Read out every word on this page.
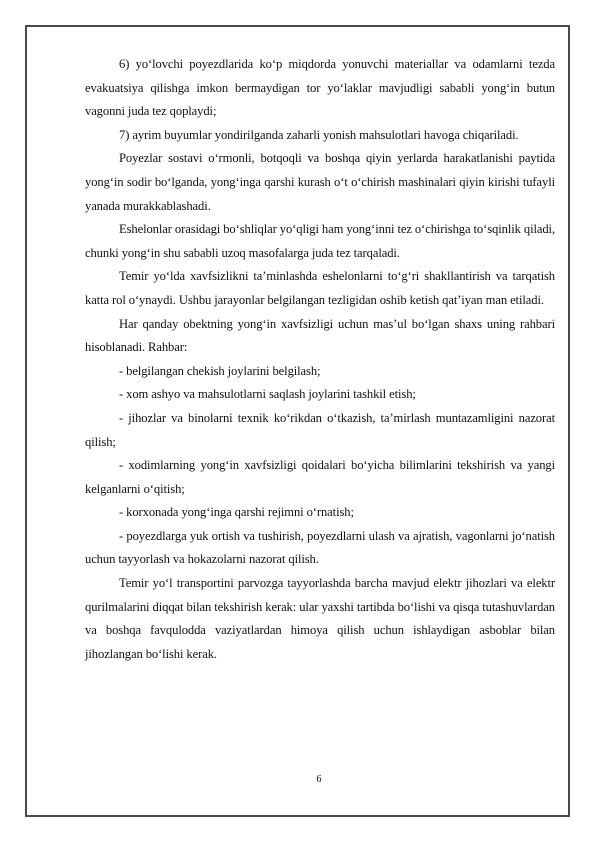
6) yo‘lovchi poyezdlarida ko‘p miqdorda yonuvchi materiallar va odamlarni tezda evakuatsiya qilishga imkon bermaydigan tor yo‘laklar mavjudligi sababli yong‘in butun vagonni juda tez qoplaydi;

7) ayrim buyumlar yondirilganda zaharli yonish mahsulotlari havoga chiqariladi.

Poyezlar sostavi o‘rmonli, botqoqli va boshqa qiyin yerlarda harakatlanishi paytida yong‘in sodir bo‘lganda, yong‘inga qarshi kurash o‘t o‘chirish mashinalari qiyin kirishi tufayli yanada murakkablashadi.

Eshelonlar orasidagi bo‘shliqlar yo‘qligi ham yong‘inni tez o‘chirishga to‘sqinlik qiladi, chunki yong‘in shu sababli uzoq masofalarga juda tez tarqaladi.

Temir yo‘lda xavfsizlikni ta’minlashda eshelonlarni to‘g‘ri shakllantirish va tarqatish katta rol o‘ynaydi. Ushbu jarayonlar belgilangan tezligidan oshib ketish qat’iyan man etiladi.

Har qanday obektning yong‘in xavfsizligi uchun mas’ul bo‘lgan shaxs uning rahbari hisoblanadi. Rahbar:

- belgilangan chekish joylarini belgilash;

- xom ashyo va mahsulotlarni saqlash joylarini tashkil etish;

- jihozlar va binolarni texnik ko‘rikdan o‘tkazish, ta’mirlash muntazamligini nazorat qilish;

- xodimlarning yong‘in xavfsizligi qoidalari bo‘yicha bilimlarini tekshirish va yangi kelganlarni o‘qitish;

- korxonada yong‘inga qarshi rejimni o‘rnatish;

- poyezdlarga yuk ortish va tushirish, poyezdlarni ulash va ajratish, vagonlarni jo‘natish uchun tayyorlash va hokazolarni nazorat qilish.

Temir yo‘l transportini parvozga tayyorlashda barcha mavjud elektr jihozlari va elektr qurilmalarini diqqat bilan tekshirish kerak: ular yaxshi tartibda bo‘lishi va qisqa tutashuvlardan va boshqa favqulodda vaziyatlardan himoya qilish uchun ishlaydigan asboblar bilan jihozlangan bo‘lishi kerak.

6
